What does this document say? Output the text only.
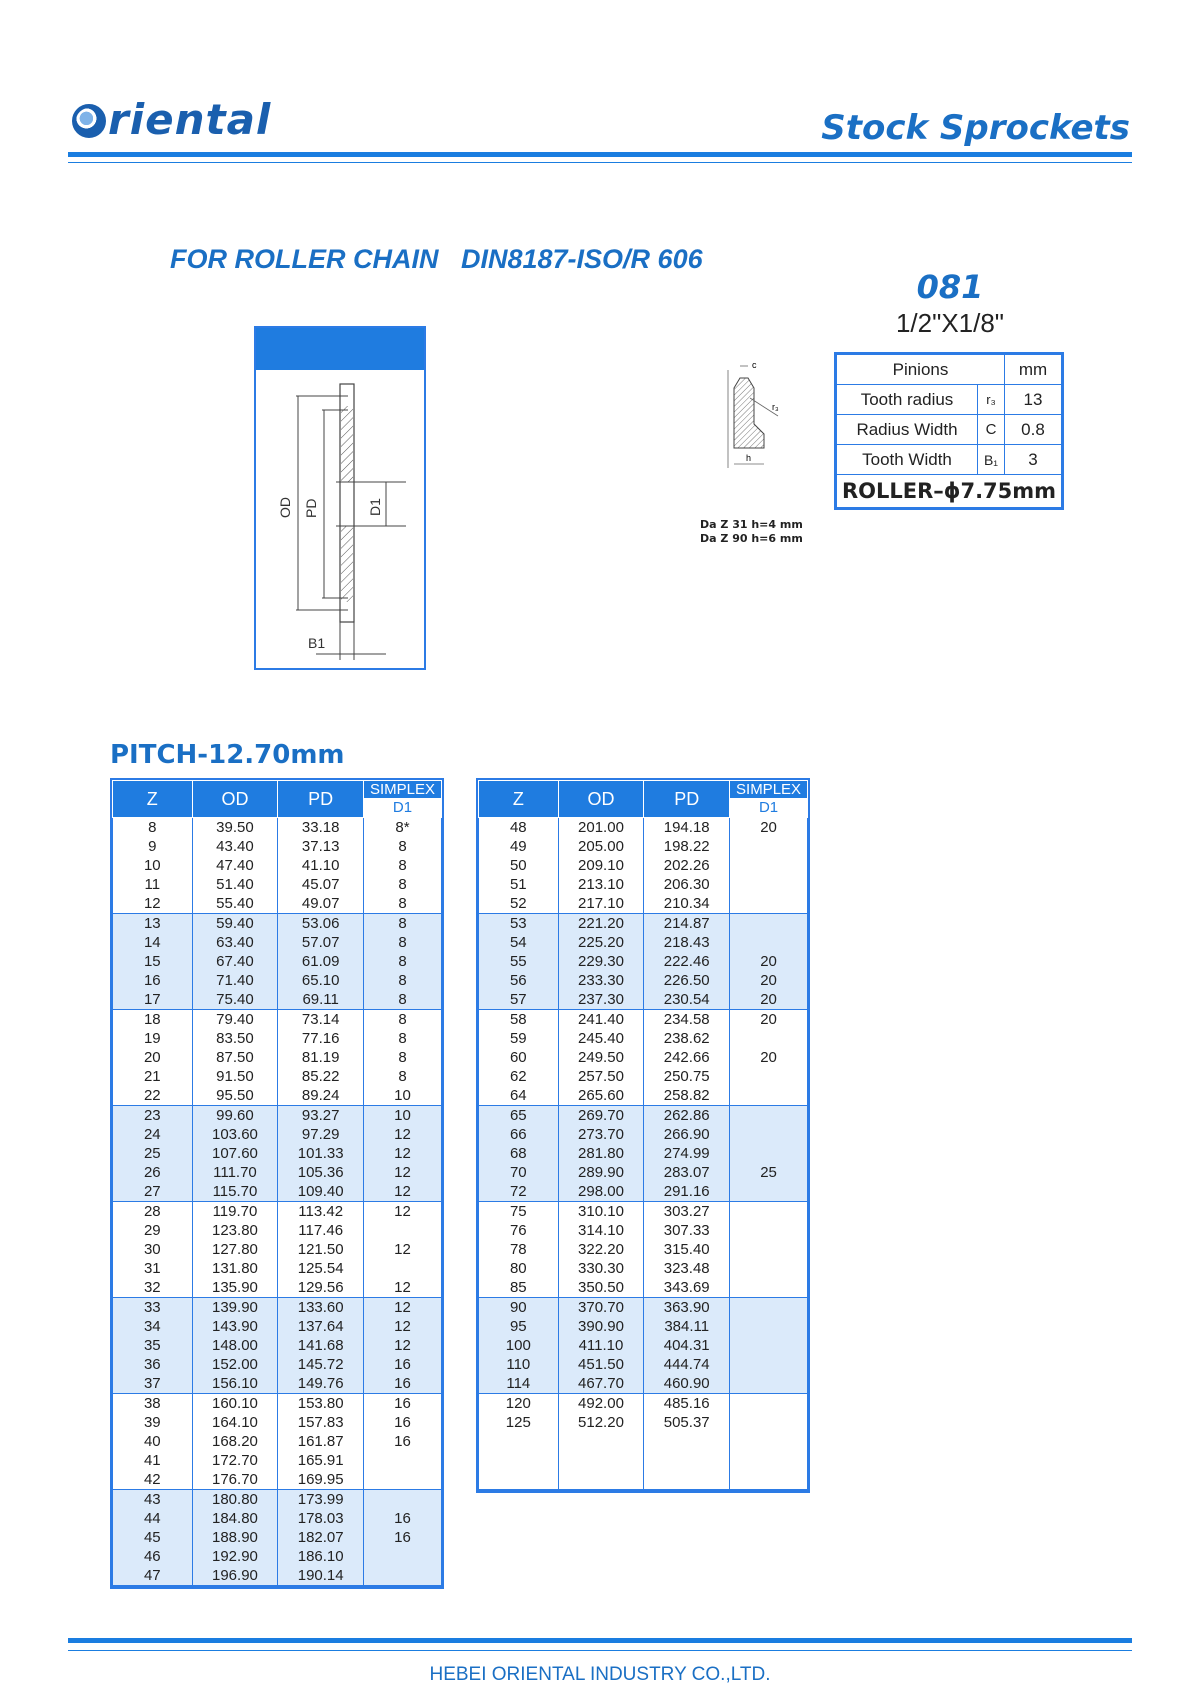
riental	Stock Sprockets
FOR ROLLER CHAIN   DIN8187-ISO/R 606
081
1/2"X1/8"
OD PD	D1
B1
c
r₃
h
Da Z 31 h=4 mm
Da Z 90 h=6 mm
Pinions		mm
Tooth radius	r₃	13
Radius Width	C	0.8
Tooth Width	B₁	3
ROLLER–ϕ7.75mm		
PITCH-12.70mm
Z	OD	PD	SIMPLEX
			D1
8	39.50	33.18	8*
9	43.40	37.13	8
10	47.40	41.10	8
11	51.40	45.07	8
12	55.40	49.07	8
13	59.40	53.06	8
14	63.40	57.07	8
15	67.40	61.09	8
16	71.40	65.10	8
17	75.40	69.11	8
18	79.40	73.14	8
19	83.50	77.16	8
20	87.50	81.19	8
21	91.50	85.22	8
22	95.50	89.24	10
23	99.60	93.27	10
24	103.60	97.29	12
25	107.60	101.33	12
26	111.70	105.36	12
27	115.70	109.40	12
28	119.70	113.42	12
29	123.80	117.46	
30	127.80	121.50	12
31	131.80	125.54	
32	135.90	129.56	12
33	139.90	133.60	12
34	143.90	137.64	12
35	148.00	141.68	12
36	152.00	145.72	16
37	156.10	149.76	16
38	160.10	153.80	16
39	164.10	157.83	16
40	168.20	161.87	16
41	172.70	165.91	
42	176.70	169.95	
43	180.80	173.99	
44	184.80	178.03	16
45	188.90	182.07	16
46	192.90	186.10	
47	196.90	190.14	
Z	OD	PD	SIMPLEX
			D1
48	201.00	194.18	20
49	205.00	198.22	
50	209.10	202.26	
51	213.10	206.30	
52	217.10	210.34	
53	221.20	214.87	
54	225.20	218.43	
55	229.30	222.46	20
56	233.30	226.50	20
57	237.30	230.54	20
58	241.40	234.58	20
59	245.40	238.62	
60	249.50	242.66	20
62	257.50	250.75	
64	265.60	258.82	
65	269.70	262.86	
66	273.70	266.90	
68	281.80	274.99	
70	289.90	283.07	25
72	298.00	291.16	
75	310.10	303.27	
76	314.10	307.33	
78	322.20	315.40	
80	330.30	323.48	
85	350.50	343.69	
90	370.70	363.90	
95	390.90	384.11	
100	411.10	404.31	
110	451.50	444.74	
114	467.70	460.90	
120	492.00	485.16	
125	512.20	505.37	

HEBEI ORIENTAL INDUSTRY CO.,LTD.
